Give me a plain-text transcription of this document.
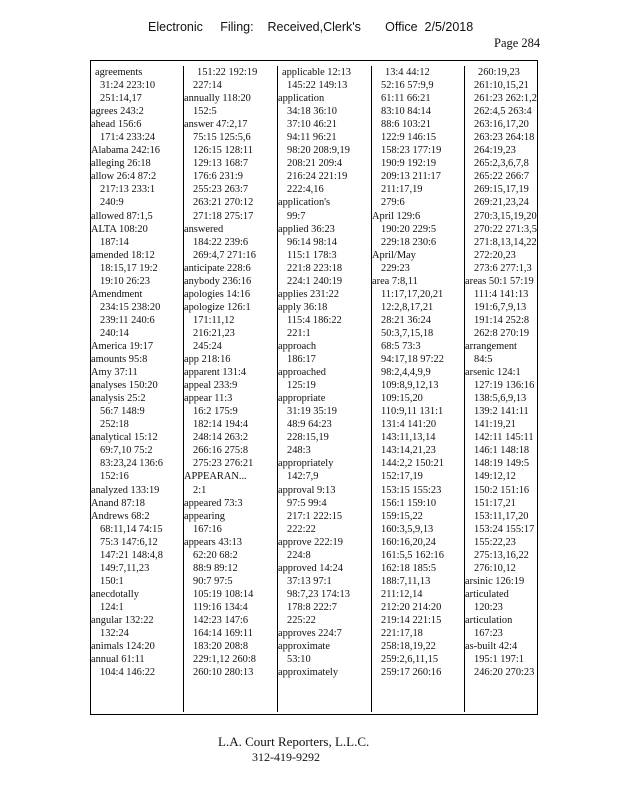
Electronic     Filing:    Received,Clerk's       Office  2/5/2018
Page 284
agreements
31:24 223:10
251:14,17
agrees 243:2
ahead 156:6
171:4 233:24
Alabama 242:16
alleging 26:18
allow 26:4 87:2
217:13 233:1
240:9
allowed 87:1,5
ALTA 108:20
187:14
amended 18:12
18:15,17 19:2
19:10 26:23
Amendment
234:15 238:20
239:11 240:6
240:14
America 19:17
amounts 95:8
Amy 37:11
analyses 150:20
analysis 25:2
56:7 148:9
252:18
analytical 15:12
69:7,10 75:2
83:23,24 136:6
152:16
analyzed 133:19
Anand 87:18
Andrews 68:2
68:11,14 74:15
75:3 147:6,12
147:21 148:4,8
149:7,11,23
150:1
anecdotally
124:1
angular 132:22
132:24
animals 124:20
annual 61:11
104:4 146:22
151:22 192:19
227:14
annually 118:20
152:5
answer 47:2,17
75:15 125:5,6
126:15 128:11
129:13 168:7
176:6 231:9
255:23 263:7
263:21 270:12
271:18 275:17
answered
184:22 239:6
269:4,7 271:16
anticipate 228:6
anybody 236:16
apologies 14:16
apologize 126:1
171:11,12
216:21,23
245:24
app 218:16
apparent 131:4
appeal 233:9
appear 11:3
16:2 175:9
182:14 194:4
248:14 263:2
266:16 275:8
275:23 276:21
APPEARAN...
2:1
appeared 73:3
appearing
167:16
appears 43:13
62:20 68:2
88:9 89:12
90:7 97:5
105:19 108:14
119:16 134:4
142:23 147:6
164:14 169:11
183:20 208:8
229:1,12 260:8
260:10 280:13
applicable 12:13
145:22 149:13
application
34:18 36:10
37:10 46:21
94:11 96:21
98:20 208:9,19
208:21 209:4
216:24 221:19
222:4,16
application's
99:7
applied 36:23
96:14 98:14
115:1 178:3
221:8 223:18
224:1 240:19
applies 231:22
apply 36:18
115:4 186:22
221:1
approach
186:17
approached
125:19
appropriate
31:19 35:19
48:9 64:23
228:15,19
248:3
appropriately
142:7,9
approval 9:13
97:5 99:4
217:1 222:15
222:22
approve 222:19
224:8
approved 14:24
37:13 97:1
98:7,23 174:13
178:8 222:7
225:22
approves 224:7
approximate
53:10
approximately
13:4 44:12
52:16 57:9,9
61:11 66:21
83:10 84:14
88:6 103:21
122:9 146:15
158:23 177:19
190:9 192:19
209:13 211:17
211:17,19
279:6
April 129:6
190:20 229:5
229:18 230:6
April/May
229:23
area 7:8,11
11:17,17,20,21
12:2,8,17,21
28:21 36:24
50:3,7,15,18
68:5 73:3
94:17,18 97:22
98:2,4,4,9,9
109:8,9,12,13
109:15,20
110:9,11 131:1
131:4 141:20
143:11,13,14
143:14,21,23
144:2,2 150:21
152:17,19
153:15 155:23
156:1 159:10
159:15,22
160:3,5,9,13
160:16,20,24
161:5,5 162:16
162:18 185:5
188:7,11,13
211:12,14
212:20 214:20
219:14 221:15
221:17,18
258:18,19,22
259:2,6,11,15
259:17 260:16
260:19,23
261:10,15,21
261:23 262:1,2
262:4,5 263:4
263:16,17,20
263:23 264:18
264:19,23
265:2,3,6,7,8
265:22 266:7
269:15,17,19
269:21,23,24
270:3,15,19,20
270:22 271:3,5
271:8,13,14,22
272:20,23
273:6 277:1,3
areas 50:1 57:19
111:4 141:13
191:6,7,9,13
191:14 252:8
262:8 270:19
arrangement
84:5
arsenic 124:1
127:19 136:16
138:5,6,9,13
139:2 141:11
141:19,21
142:11 145:11
146:1 148:18
148:19 149:5
149:12,12
150:2 151:16
151:17,21
153:11,17,20
153:24 155:17
155:22,23
275:13,16,22
276:10,12
arsinic 126:19
articulated
120:23
articulation
167:23
as-built 42:4
195:1 197:1
246:20 270:23
L.A. Court Reporters, L.L.C.
312-419-9292
